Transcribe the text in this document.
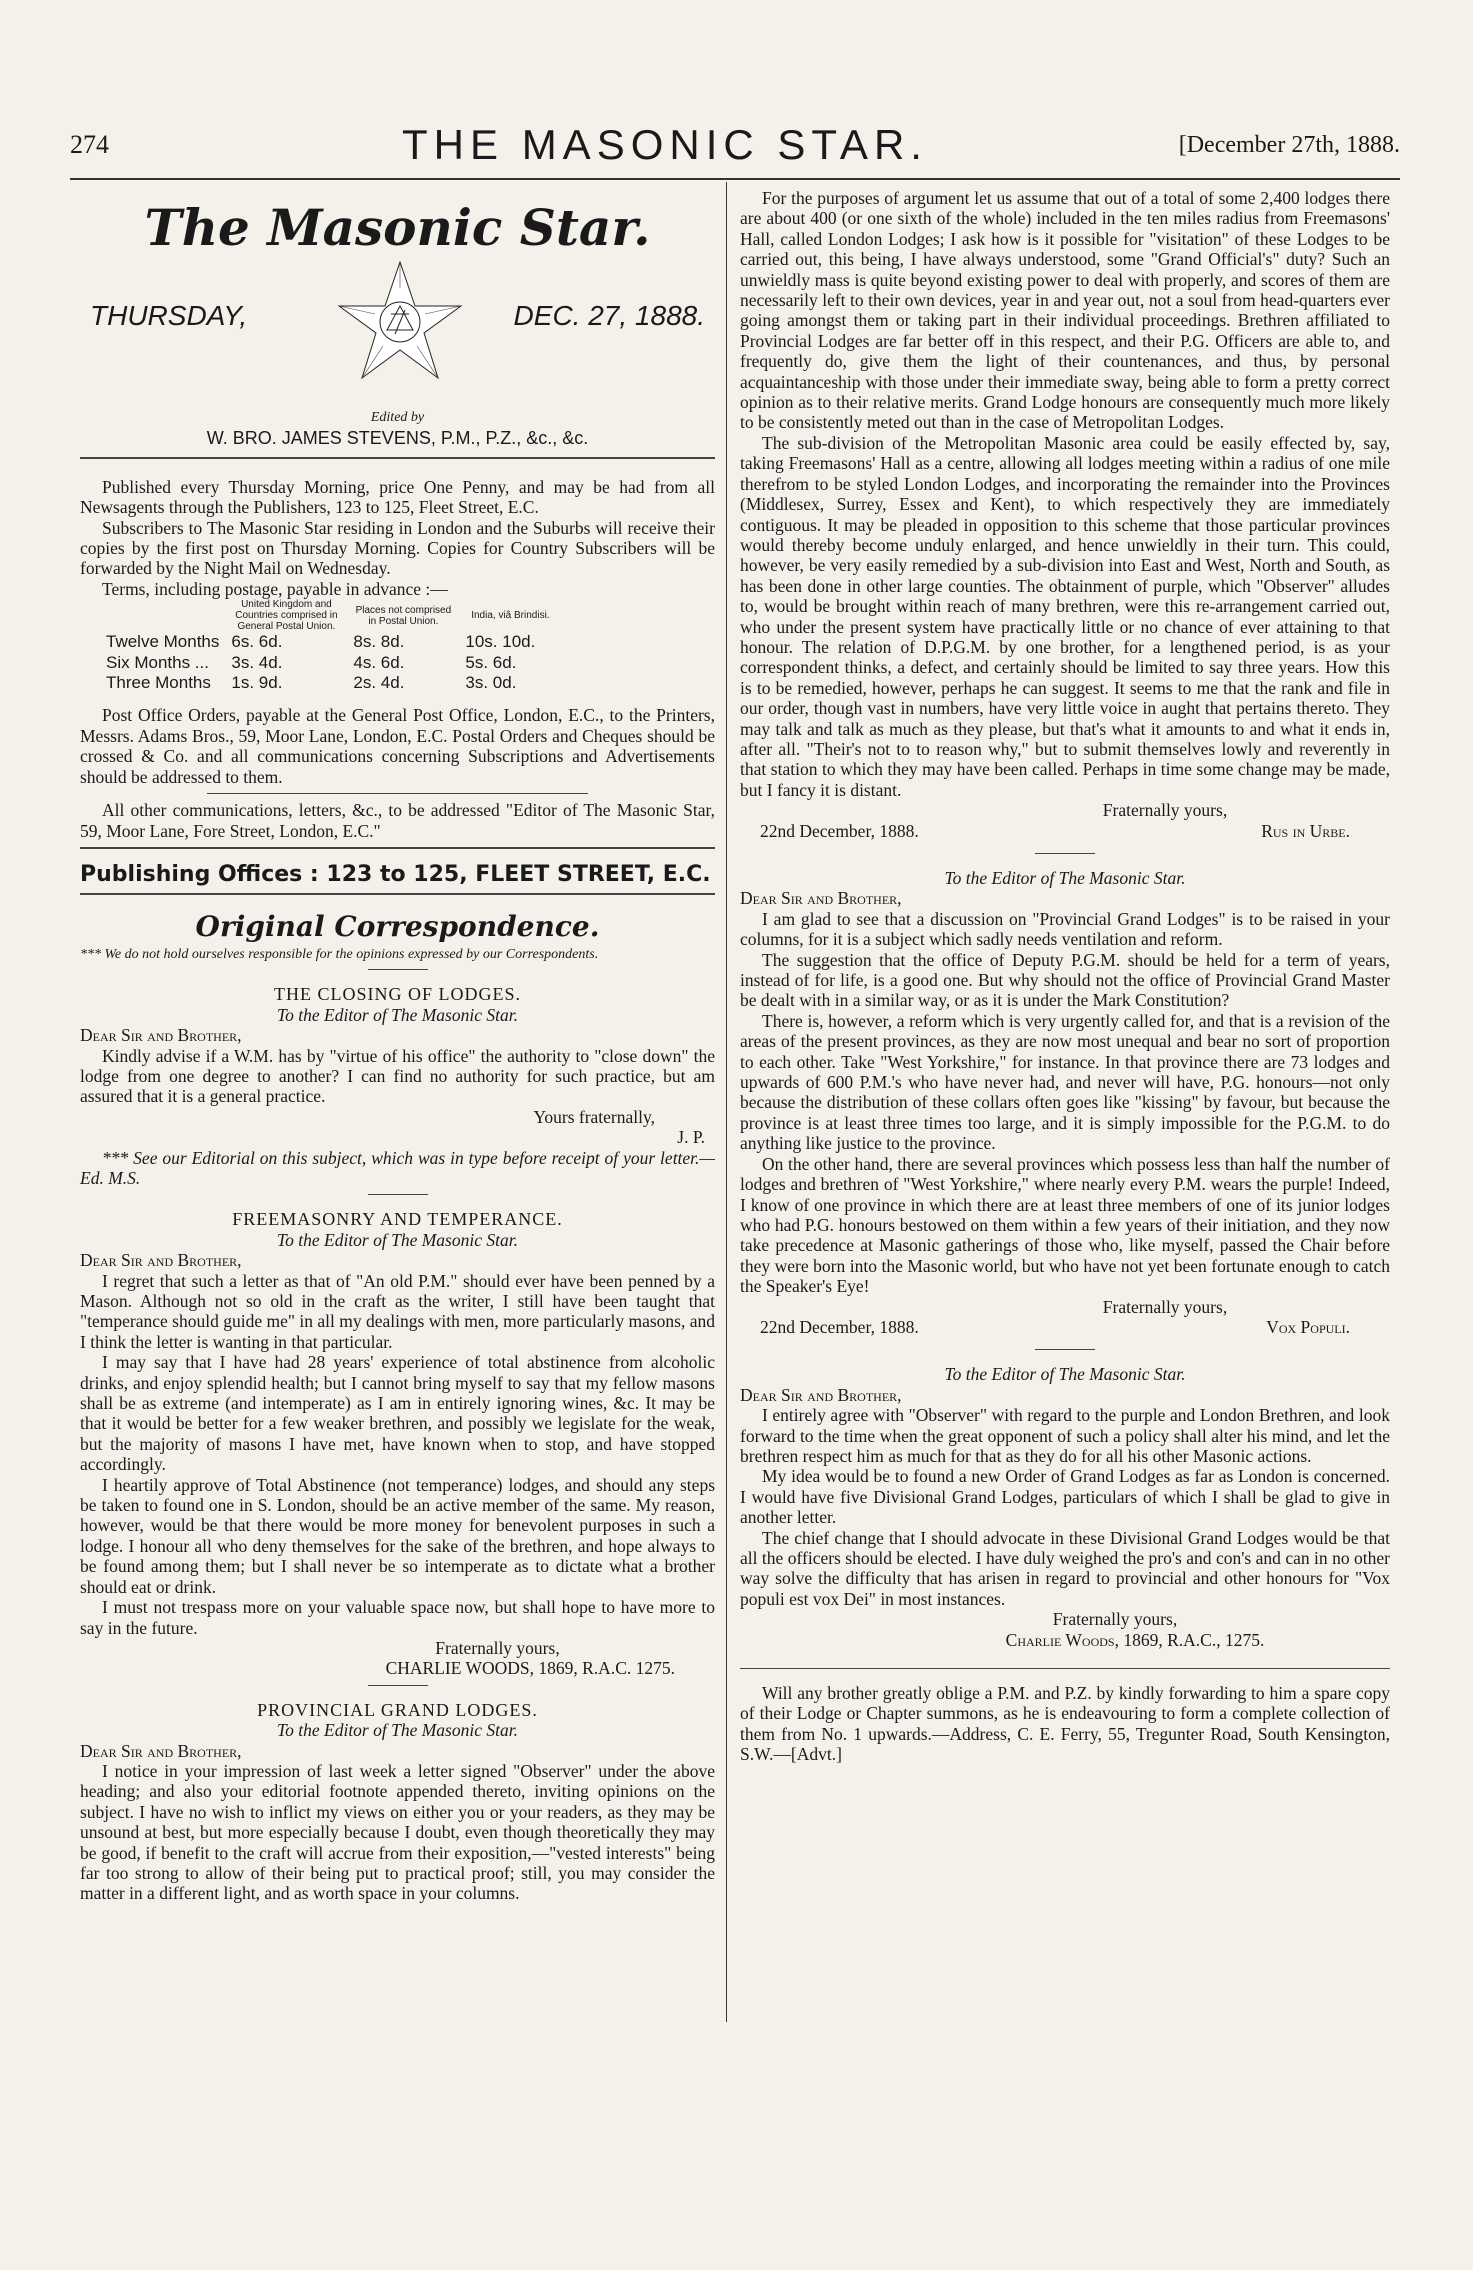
274	THE MASONIC STAR.	[December 27th, 1888.
The Masonic Star.
THURSDAY,	DEC. 27, 1888.
Edited by
W. BRO. JAMES STEVENS, P.M., P.Z., &c., &c.

Published every Thursday Morning, price One Penny, and may be had from all Newsagents through the Publishers, 123 to 125, Fleet Street, E.C.

Subscribers to The Masonic Star residing in London and the Suburbs will receive their copies by the first post on Thursday Morning. Copies for Country Subscribers will be forwarded by the Night Mail on Wednesday.

Terms, including postage, payable in advance :—

	United Kingdom and Countries comprised in General Postal Union.	Places not comprised in Postal Union.	India, viâ Brindisi.
Twelve Months	6s. 6d.	8s. 8d.	10s. 10d.
Six Months ...	3s. 4d.	4s. 6d.	5s. 6d.
Three Months	1s. 9d.	2s. 4d.	3s. 0d.

Post Office Orders, payable at the General Post Office, London, E.C., to the Printers, Messrs. Adams Bros., 59, Moor Lane, London, E.C. Postal Orders and Cheques should be crossed & Co. and all communications concerning Subscriptions and Advertisements should be addressed to them.

All other communications, letters, &c., to be addressed "Editor of The Masonic Star, 59, Moor Lane, Fore Street, London, E.C."

Publishing Offices : 123 to 125, FLEET STREET, E.C.
Original Correspondence.

*** We do not hold ourselves responsible for the opinions expressed by our Correspondents.

THE CLOSING OF LODGES.
To the Editor of The Masonic Star.

Dear Sir and Brother,

Kindly advise if a W.M. has by "virtue of his office" the authority to "close down" the lodge from one degree to another? I can find no authority for such practice, but am assured that it is a general practice.

Yours fraternally,
J. P.

*** See our Editorial on this subject, which was in type before receipt of your letter.—Ed. M.S.

FREEMASONRY AND TEMPERANCE.
To the Editor of The Masonic Star.

Dear Sir and Brother,

I regret that such a letter as that of "An old P.M." should ever have been penned by a Mason. Although not so old in the craft as the writer, I still have been taught that "temperance should guide me" in all my dealings with men, more particularly masons, and I think the letter is wanting in that particular.

I may say that I have had 28 years' experience of total abstinence from alcoholic drinks, and enjoy splendid health; but I cannot bring myself to say that my fellow masons shall be as extreme (and intemperate) as I am in entirely ignoring wines, &c. It may be that it would be better for a few weaker brethren, and possibly we legislate for the weak, but the majority of masons I have met, have known when to stop, and have stopped accordingly.

I heartily approve of Total Abstinence (not temperance) lodges, and should any steps be taken to found one in S. London, should be an active member of the same. My reason, however, would be that there would be more money for benevolent purposes in such a lodge. I honour all who deny themselves for the sake of the brethren, and hope always to be found among them; but I shall never be so intemperate as to dictate what a brother should eat or drink.

I must not trespass more on your valuable space now, but shall hope to have more to say in the future.

Fraternally yours,
CHARLIE WOODS, 1869, R.A.C. 1275.
PROVINCIAL GRAND LODGES.
To the Editor of The Masonic Star.

Dear Sir and Brother,

I notice in your impression of last week a letter signed "Observer" under the above heading; and also your editorial footnote appended thereto, inviting opinions on the subject. I have no wish to inflict my views on either you or your readers, as they may be unsound at best, but more especially because I doubt, even though theoretically they may be good, if benefit to the craft will accrue from their exposition,—"vested interests" being far too strong to allow of their being put to practical proof; still, you may consider the matter in a different light, and as worth space in your columns.

For the purposes of argument let us assume that out of a total of some 2,400 lodges there are about 400 (or one sixth of the whole) included in the ten miles radius from Freemasons' Hall, called London Lodges; I ask how is it possible for "visitation" of these Lodges to be carried out, this being, I have always understood, some "Grand Official's" duty? Such an unwieldly mass is quite beyond existing power to deal with properly, and scores of them are necessarily left to their own devices, year in and year out, not a soul from head-quarters ever going amongst them or taking part in their individual proceedings. Brethren affiliated to Provincial Lodges are far better off in this respect, and their P.G. Officers are able to, and frequently do, give them the light of their countenances, and thus, by personal acquaintanceship with those under their immediate sway, being able to form a pretty correct opinion as to their relative merits. Grand Lodge honours are consequently much more likely to be consistently meted out than in the case of Metropolitan Lodges.

The sub-division of the Metropolitan Masonic area could be easily effected by, say, taking Freemasons' Hall as a centre, allowing all lodges meeting within a radius of one mile therefrom to be styled London Lodges, and incorporating the remainder into the Provinces (Middlesex, Surrey, Essex and Kent), to which respectively they are immediately contiguous. It may be pleaded in opposition to this scheme that those particular provinces would thereby become unduly enlarged, and hence unwieldly in their turn. This could, however, be very easily remedied by a sub-division into East and West, North and South, as has been done in other large counties. The obtainment of purple, which "Observer" alludes to, would be brought within reach of many brethren, were this re-arrangement carried out, who under the present system have practically little or no chance of ever attaining to that honour. The relation of D.P.G.M. by one brother, for a lengthened period, is as your correspondent thinks, a defect, and certainly should be limited to say three years. How this is to be remedied, however, perhaps he can suggest. It seems to me that the rank and file in our order, though vast in numbers, have very little voice in aught that pertains thereto. They may talk and talk as much as they please, but that's what it amounts to and what it ends in, after all. "Their's not to to reason why," but to submit themselves lowly and reverently in that station to which they may have been called. Perhaps in time some change may be made, but I fancy it is distant.

Fraternally yours,
22nd December, 1888.	Rus in Urbe.
To the Editor of The Masonic Star.

Dear Sir and Brother,

I am glad to see that a discussion on "Provincial Grand Lodges" is to be raised in your columns, for it is a subject which sadly needs ventilation and reform.

The suggestion that the office of Deputy P.G.M. should be held for a term of years, instead of for life, is a good one. But why should not the office of Provincial Grand Master be dealt with in a similar way, or as it is under the Mark Constitution?

There is, however, a reform which is very urgently called for, and that is a revision of the areas of the present provinces, as they are now most unequal and bear no sort of proportion to each other. Take "West Yorkshire," for instance. In that province there are 73 lodges and upwards of 600 P.M.'s who have never had, and never will have, P.G. honours—not only because the distribution of these collars often goes like "kissing" by favour, but because the province is at least three times too large, and it is simply impossible for the P.G.M. to do anything like justice to the province.

On the other hand, there are several provinces which possess less than half the number of lodges and brethren of "West Yorkshire," where nearly every P.M. wears the purple! Indeed, I know of one province in which there are at least three members of one of its junior lodges who had P.G. honours bestowed on them within a few years of their initiation, and they now take precedence at Masonic gatherings of those who, like myself, passed the Chair before they were born into the Masonic world, but who have not yet been fortunate enough to catch the Speaker's Eye!

Fraternally yours,
22nd December, 1888.	Vox Populi.
To the Editor of The Masonic Star.

Dear Sir and Brother,

I entirely agree with "Observer" with regard to the purple and London Brethren, and look forward to the time when the great opponent of such a policy shall alter his mind, and let the brethren respect him as much for that as they do for all his other Masonic actions.

My idea would be to found a new Order of Grand Lodges as far as London is concerned. I would have five Divisional Grand Lodges, particulars of which I shall be glad to give in another letter.

The chief change that I should advocate in these Divisional Grand Lodges would be that all the officers should be elected. I have duly weighed the pro's and con's and can in no other way solve the difficulty that has arisen in regard to provincial and other honours for "Vox populi est vox Dei" in most instances.

Fraternally yours,
Charlie Woods, 1869, R.A.C., 1275.

Will any brother greatly oblige a P.M. and P.Z. by kindly forwarding to him a spare copy of their Lodge or Chapter summons, as he is endeavouring to form a complete collection of them from No. 1 upwards.—Address, C. E. Ferry, 55, Tregunter Road, South Kensington, S.W.—[Advt.]
